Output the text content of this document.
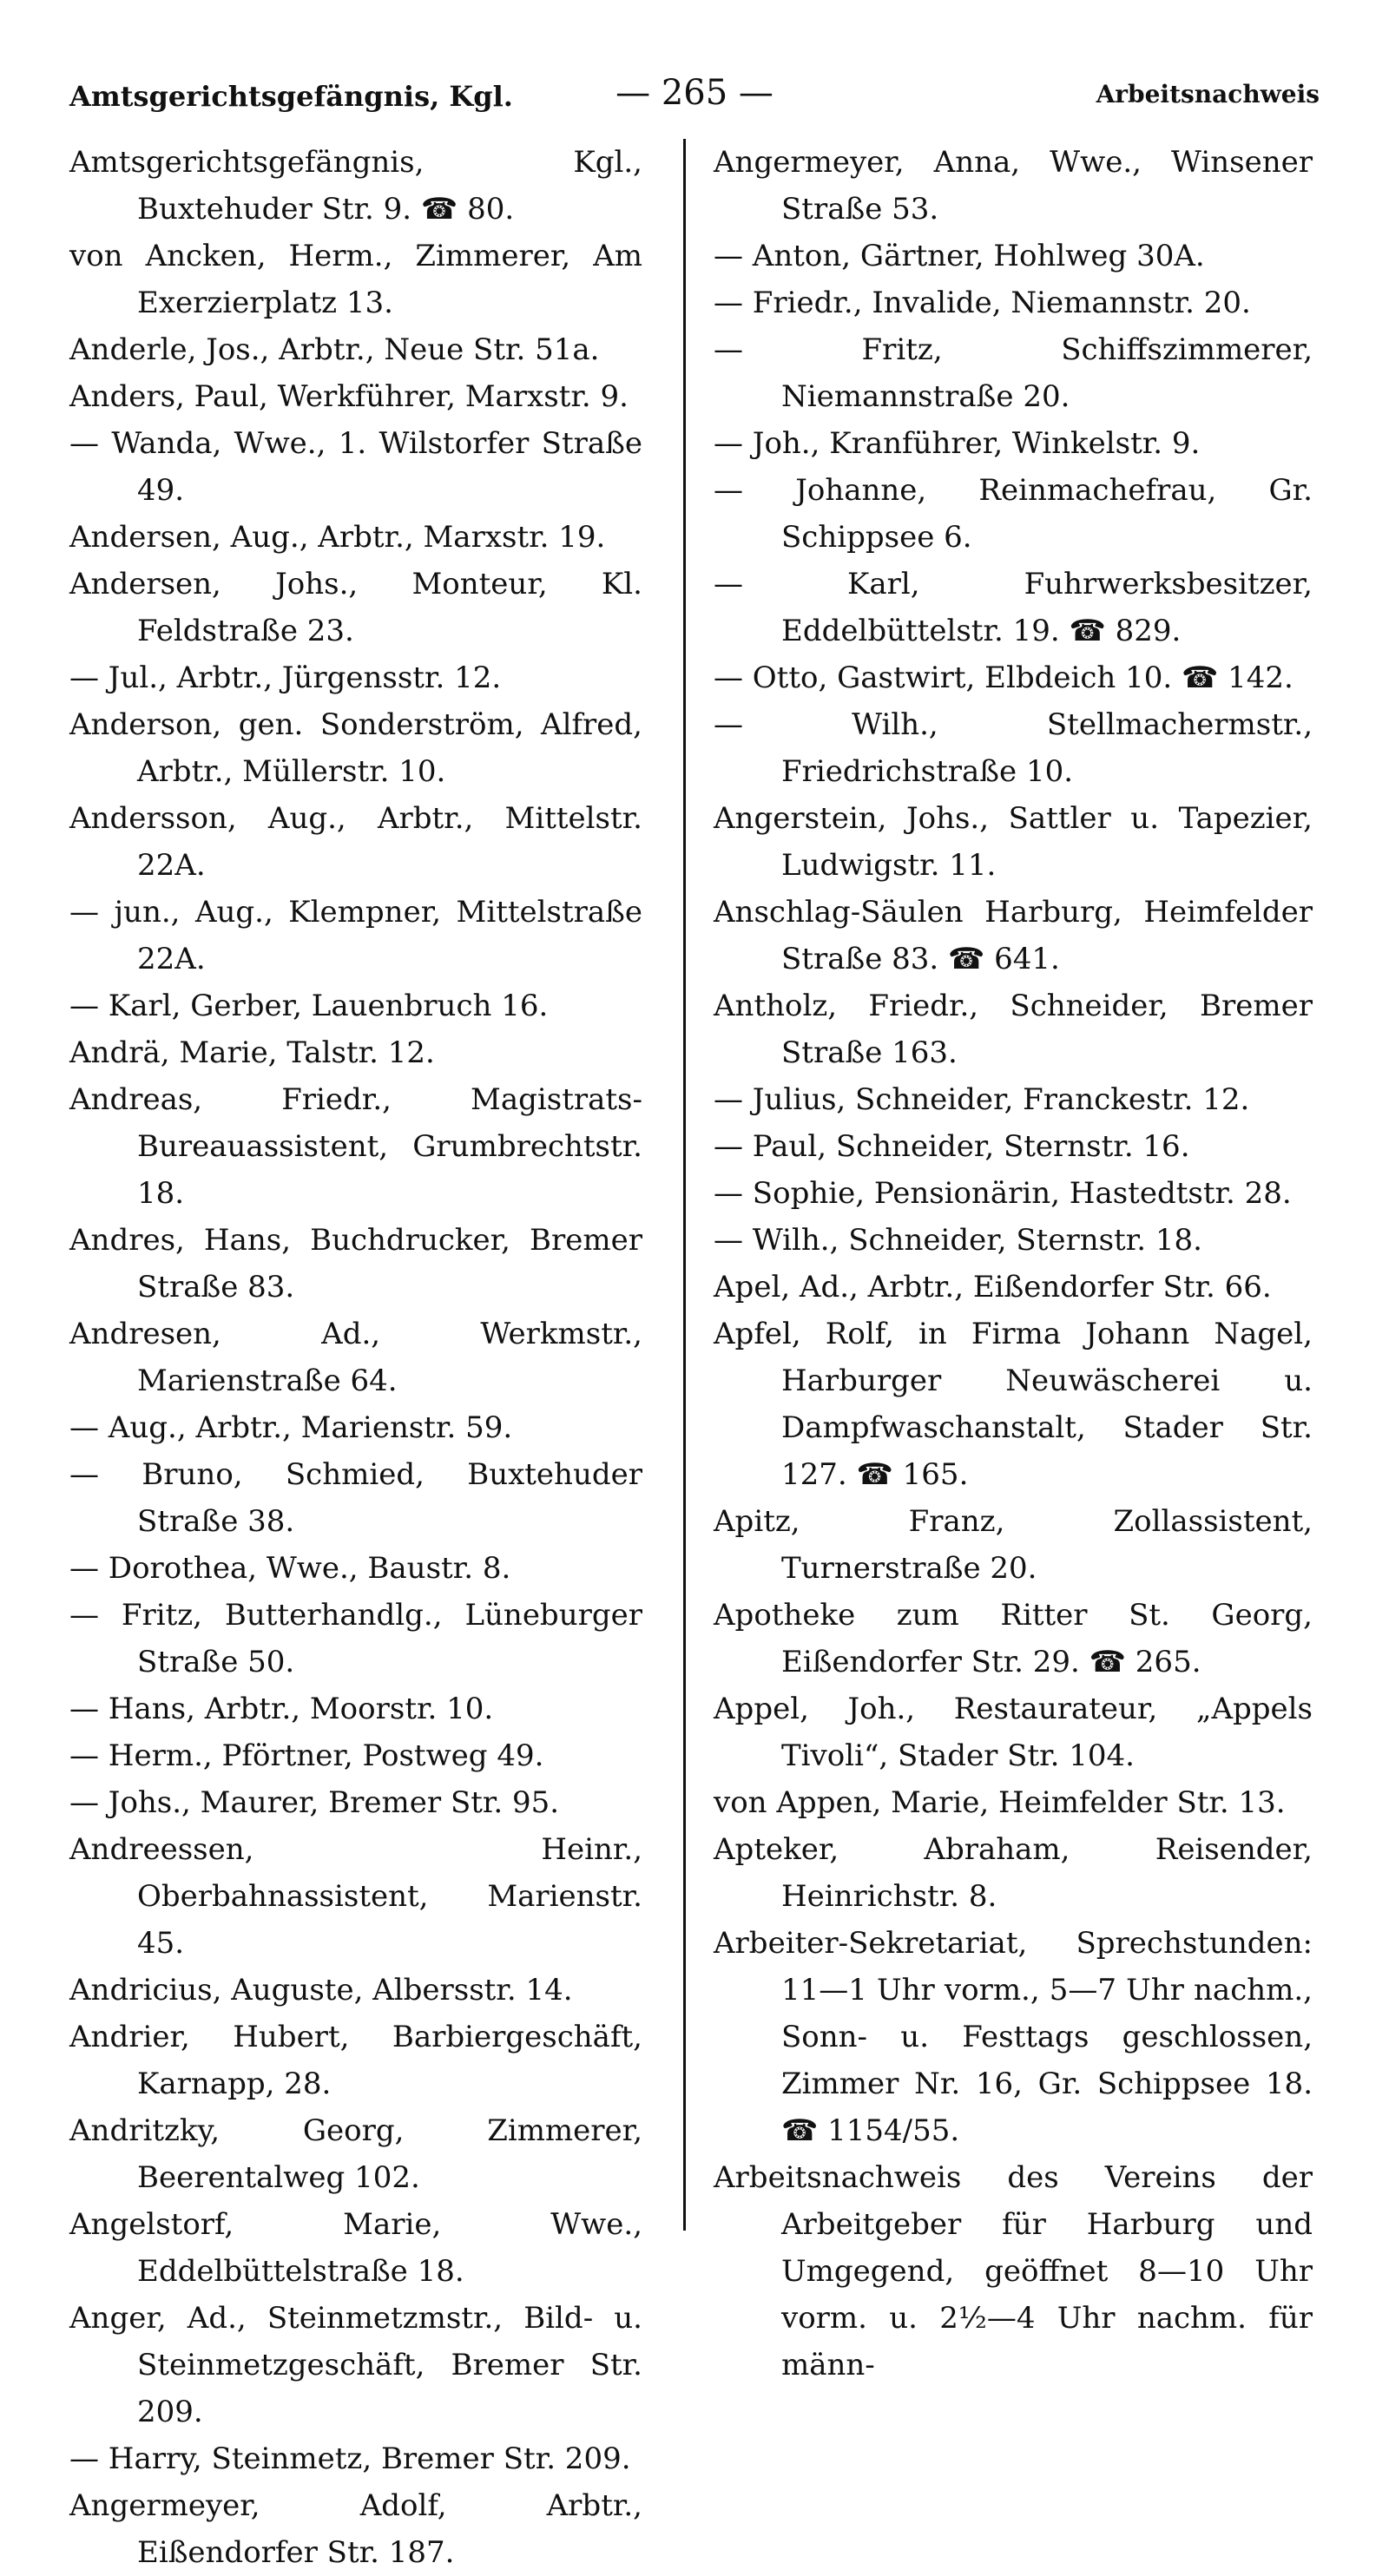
Amtsgerichtsgefängnis, Kgl.	— 265 —	Arbeitsnachweis

Amtsgerichtsgefängnis, Kgl., Buxtehuder Str. 9. ☎ 80.

von Ancken, Herm., Zimmerer, Am Exerzierplatz 13.

Anderle, Jos., Arbtr., Neue Str. 51a.

Anders, Paul, Werkführer, Marxstr. 9.

— Wanda, Wwe., 1. Wilstorfer Straße 49.

Andersen, Aug., Arbtr., Marxstr. 19.

Andersen, Johs., Monteur, Kl. Feldstraße 23.

— Jul., Arbtr., Jürgensstr. 12.

Anderson, gen. Sonderström, Alfred, Arbtr., Müllerstr. 10.

Andersson, Aug., Arbtr., Mittelstr. 22A.

— jun., Aug., Klempner, Mittelstraße 22A.

— Karl, Gerber, Lauenbruch 16.

Andrä, Marie, Talstr. 12.

Andreas, Friedr., Magistrats-Bureauassistent, Grumbrechtstr. 18.

Andres, Hans, Buchdrucker, Bremer Straße 83.

Andresen, Ad., Werkmstr., Marienstraße 64.

— Aug., Arbtr., Marienstr. 59.

— Bruno, Schmied, Buxtehuder Straße 38.

— Dorothea, Wwe., Baustr. 8.

— Fritz, Butterhandlg., Lüneburger Straße 50.

— Hans, Arbtr., Moorstr. 10.

— Herm., Pförtner, Postweg 49.

— Johs., Maurer, Bremer Str. 95.

Andreessen, Heinr., Oberbahnassistent, Marienstr. 45.

Andricius, Auguste, Albersstr. 14.

Andrier, Hubert, Barbiergeschäft, Karnapp, 28.

Andritzky, Georg, Zimmerer, Beerentalweg 102.

Angelstorf, Marie, Wwe., Eddelbüttelstraße 18.

Anger, Ad., Steinmetzmstr., Bild- u. Steinmetzgeschäft, Bremer Str. 209.

— Harry, Steinmetz, Bremer Str. 209.

Angermeyer, Adolf, Arbtr., Eißendorfer Str. 187.

Angermeyer, Anna, Wwe., Winsener Straße 53.

— Anton, Gärtner, Hohlweg 30A.

— Friedr., Invalide, Niemannstr. 20.

— Fritz, Schiffszimmerer, Niemannstraße 20.

— Joh., Kranführer, Winkelstr. 9.

— Johanne, Reinmachefrau, Gr. Schippsee 6.

— Karl, Fuhrwerksbesitzer, Eddelbüttelstr. 19. ☎ 829.

— Otto, Gastwirt, Elbdeich 10. ☎ 142.

— Wilh., Stellmachermstr., Friedrichstraße 10.

Angerstein, Johs., Sattler u. Tapezier, Ludwigstr. 11.

Anschlag-Säulen Harburg, Heimfelder Straße 83. ☎ 641.

Antholz, Friedr., Schneider, Bremer Straße 163.

— Julius, Schneider, Franckestr. 12.

— Paul, Schneider, Sternstr. 16.

— Sophie, Pensionärin, Hastedtstr. 28.

— Wilh., Schneider, Sternstr. 18.

Apel, Ad., Arbtr., Eißendorfer Str. 66.

Apfel, Rolf, in Firma Johann Nagel, Harburger Neuwäscherei u. Dampfwaschanstalt, Stader Str. 127. ☎ 165.

Apitz, Franz, Zollassistent, Turnerstraße 20.

Apotheke zum Ritter St. Georg, Eißendorfer Str. 29. ☎ 265.

Appel, Joh., Restaurateur, „Appels Tivoli“, Stader Str. 104.

von Appen, Marie, Heimfelder Str. 13.

Apteker, Abraham, Reisender, Heinrichstr. 8.

Arbeiter-Sekretariat, Sprechstunden: 11—1 Uhr vorm., 5—7 Uhr nachm., Sonn- u. Festtags geschlossen, Zimmer Nr. 16, Gr. Schippsee 18. ☎ 1154/55.

Arbeitsnachweis des Vereins der Arbeitgeber für Harburg und Umgegend, geöffnet 8—10 Uhr vorm. u. 2½—4 Uhr nachm. für männ-
